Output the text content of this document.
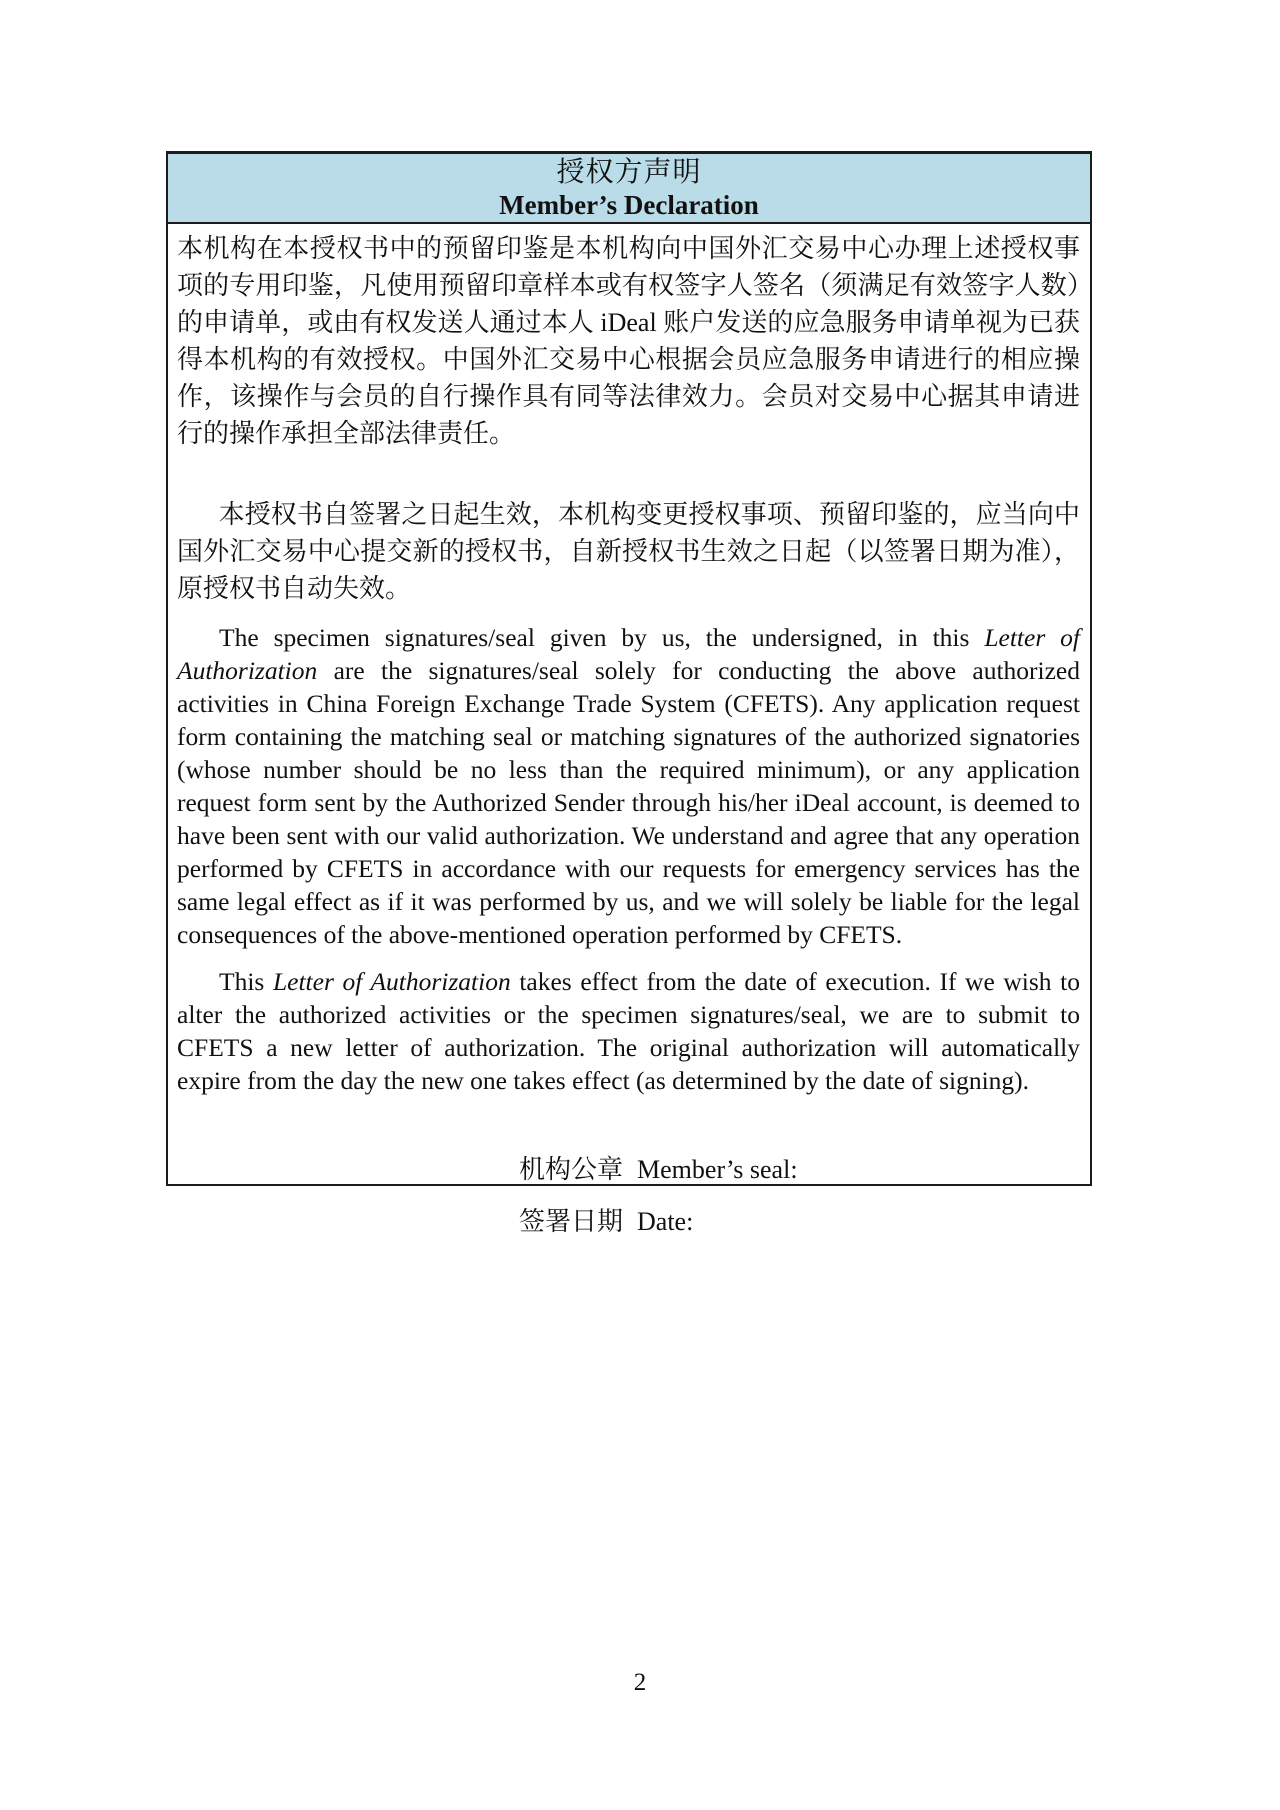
授权方声明
Member’s Declaration

本机构在本授权书中的预留印鉴是本机构向中国外汇交易中心办理上述授权事项的专用印鉴，凡使用预留印章样本或有权签字人签名（须满足有效签字人数）的申请单，或由有权发送人通过本人 iDeal 账户发送的应急服务申请单视为已获得本机构的有效授权。中国外汇交易中心根据会员应急服务申请进行的相应操作，该操作与会员的自行操作具有同等法律效力。会员对交易中心据其申请进行的操作承担全部法律责任。

本授权书自签署之日起生效，本机构变更授权事项、预留印鉴的，应当向中国外汇交易中心提交新的授权书，自新授权书生效之日起（以签署日期为准），原授权书自动失效。

The specimen signatures/seal given by us, the undersigned, in this Letter of Authorization are the signatures/seal solely for conducting the above authorized activities in China Foreign Exchange Trade System (CFETS). Any application request form containing the matching seal or matching signatures of the authorized signatories (whose number should be no less than the required minimum), or any application request form sent by the Authorized Sender through his/her iDeal account, is deemed to have been sent with our valid authorization. We understand and agree that any operation performed by CFETS in accordance with our requests for emergency services has the same legal effect as if it was performed by us, and we will solely be liable for the legal consequences of the above-mentioned operation performed by CFETS.

This Letter of Authorization takes effect from the date of execution. If we wish to alter the authorized activities or the specimen signatures/seal, we are to submit to CFETS a new letter of authorization. The original authorization will automatically expire from the day the new one takes effect (as determined by the date of signing).

机构公章 Member’s seal:

签署日期 Date:

2
